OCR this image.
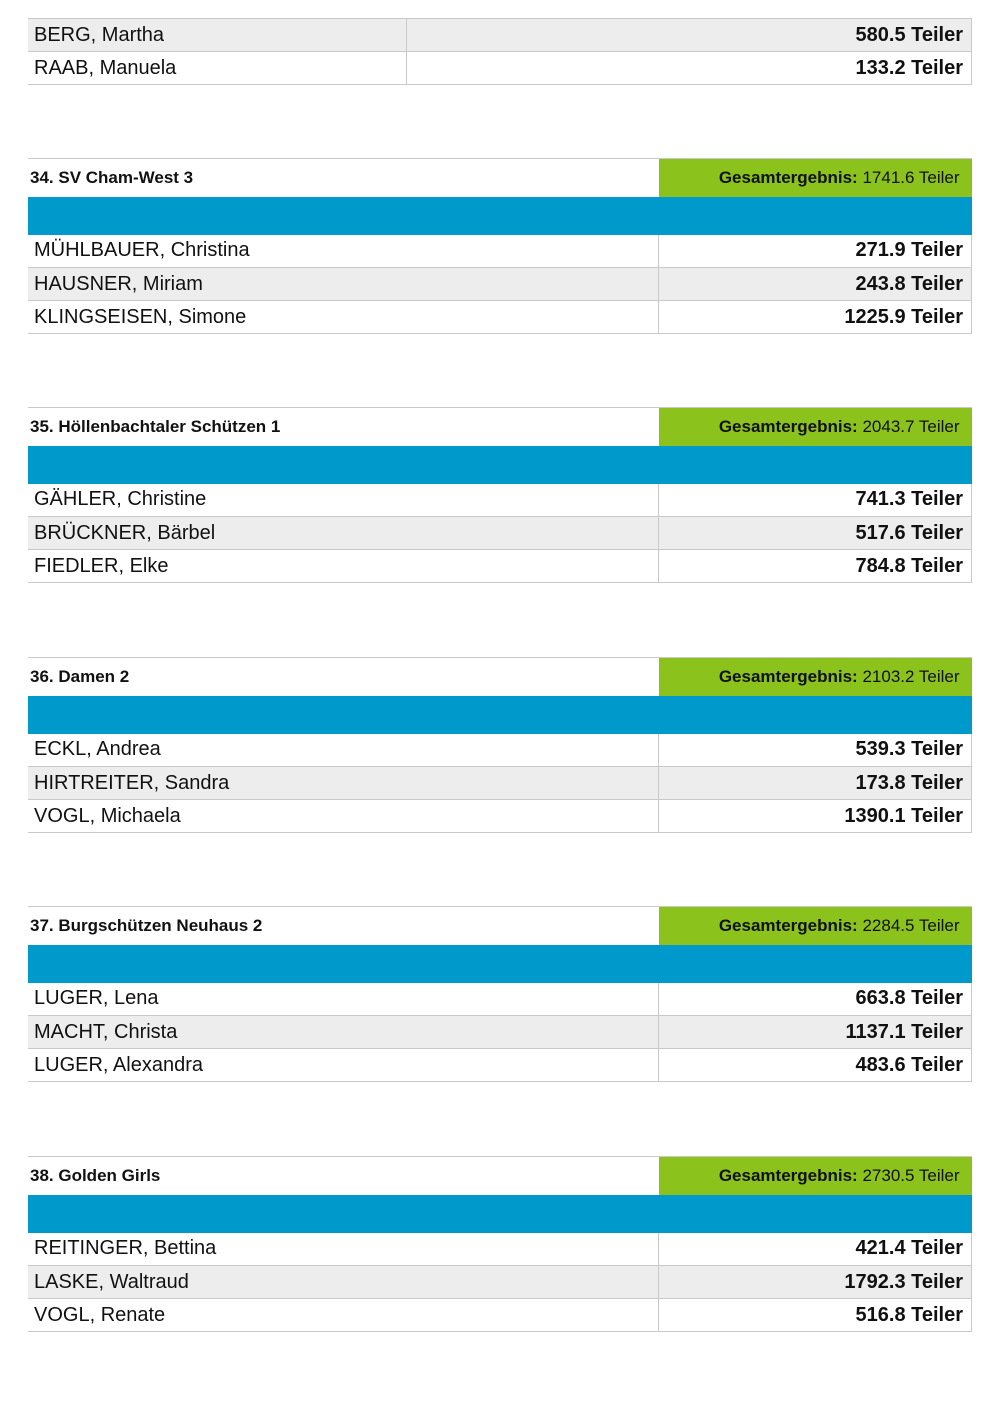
BERG, Martha	580.5 Teiler
RAAB, Manuela	133.2 Teiler
34. SV Cham-West 3	Gesamtergebnis: 1741.6 Teiler

MÜHLBAUER, Christina	271.9 Teiler
HAUSNER, Miriam	243.8 Teiler
KLINGSEISEN, Simone	1225.9 Teiler
35. Höllenbachtaler Schützen 1	Gesamtergebnis: 2043.7 Teiler

GÄHLER, Christine	741.3 Teiler
BRÜCKNER, Bärbel	517.6 Teiler
FIEDLER, Elke	784.8 Teiler
36. Damen 2	Gesamtergebnis: 2103.2 Teiler

ECKL, Andrea	539.3 Teiler
HIRTREITER, Sandra	173.8 Teiler
VOGL, Michaela	1390.1 Teiler
37. Burgschützen Neuhaus 2	Gesamtergebnis: 2284.5 Teiler

LUGER, Lena	663.8 Teiler
MACHT, Christa	1137.1 Teiler
LUGER, Alexandra	483.6 Teiler
38. Golden Girls	Gesamtergebnis: 2730.5 Teiler

REITINGER, Bettina	421.4 Teiler
LASKE, Waltraud	1792.3 Teiler
VOGL, Renate	516.8 Teiler
